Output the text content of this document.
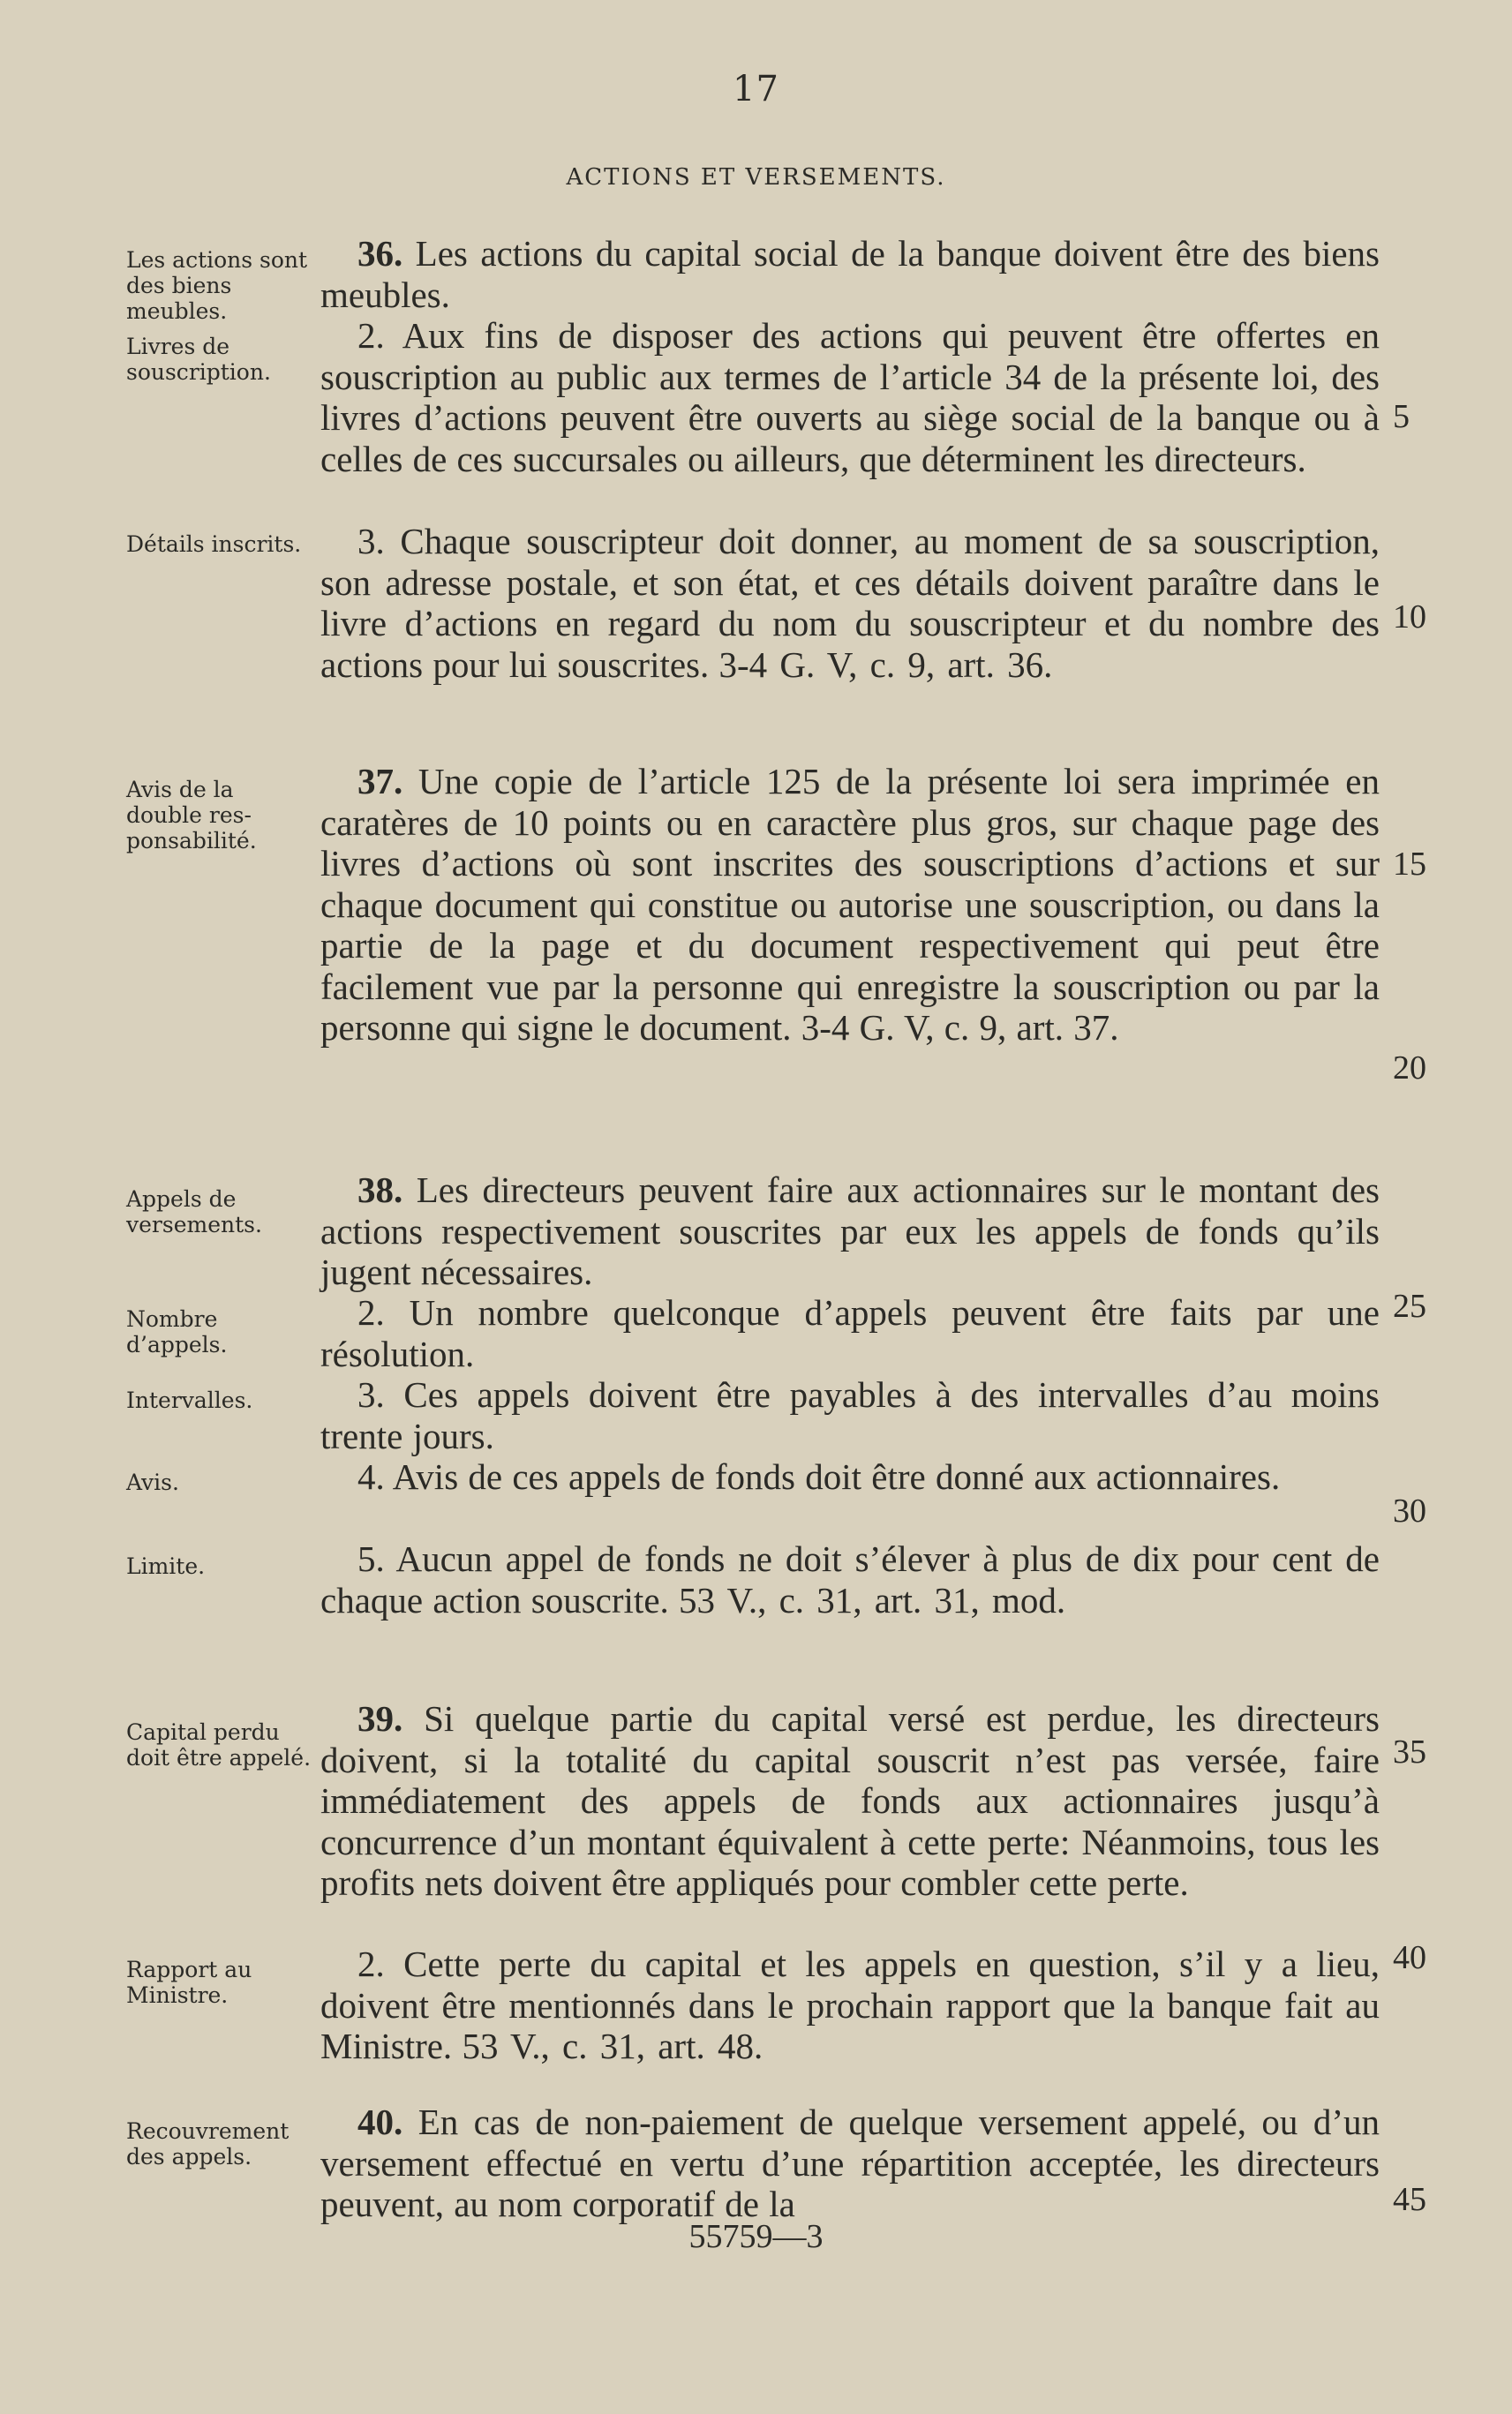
17
ACTIONS ET VERSEMENTS.
Les actions sont des biens meubles.
Livres de souscription.
Détails inscrits.
Avis de la double responsabilité.
Appels de versements.
Nombre d’appels.
Intervalles.
Avis.
Limite.
Capital perdu doit être appelé.
Rapport au Ministre.
Recouvrement des appels.
36. Les actions du capital social de la banque doivent être des biens meubles.
2. Aux fins de disposer des actions qui peuvent être offertes en souscription au public aux termes de l’article 34 de la présente loi, des livres d’actions peuvent être ouverts au siège social de la banque ou à celles de ces succursales ou ailleurs, que déterminent les directeurs.
3. Chaque souscripteur doit donner, au moment de sa souscription, son adresse postale, et son état, et ces détails doivent paraître dans le livre d’actions en regard du nom du souscripteur et du nombre des actions pour lui souscrites. 3-4 G. V, c. 9, art. 36.
37. Une copie de l’article 125 de la présente loi sera imprimée en caratères de 10 points ou en caractère plus gros, sur chaque page des livres d’actions où sont inscrites des souscriptions d’actions et sur chaque document qui constitue ou autorise une souscription, ou dans la partie de la page et du document respectivement qui peut être facilement vue par la personne qui enregistre la souscription ou par la personne qui signe le document. 3-4 G. V, c. 9, art. 37.
38. Les directeurs peuvent faire aux actionnaires sur le montant des actions respectivement souscrites par eux les appels de fonds qu’ils jugent nécessaires.
2. Un nombre quelconque d’appels peuvent être faits par une résolution.
3. Ces appels doivent être payables à des intervalles d’au moins trente jours.
4. Avis de ces appels de fonds doit être donné aux actionnaires.
5. Aucun appel de fonds ne doit s’élever à plus de dix pour cent de chaque action souscrite. 53 V., c. 31, art. 31, mod.
39. Si quelque partie du capital versé est perdue, les directeurs doivent, si la totalité du capital souscrit n’est pas versée, faire immédiatement des appels de fonds aux actionnaires jusqu’à concurrence d’un montant équivalent à cette perte: Néanmoins, tous les profits nets doivent être appliqués pour combler cette perte.
2. Cette perte du capital et les appels en question, s’il y a lieu, doivent être mentionnés dans le prochain rapport que la banque fait au Ministre. 53 V., c. 31, art. 48.
40. En cas de non-paiement de quelque versement appelé, ou d’un versement effectué en vertu d’une répartition acceptée, les directeurs peuvent, au nom corporatif de la
5
10
15
20
25
30
35
40
45
55759—3
